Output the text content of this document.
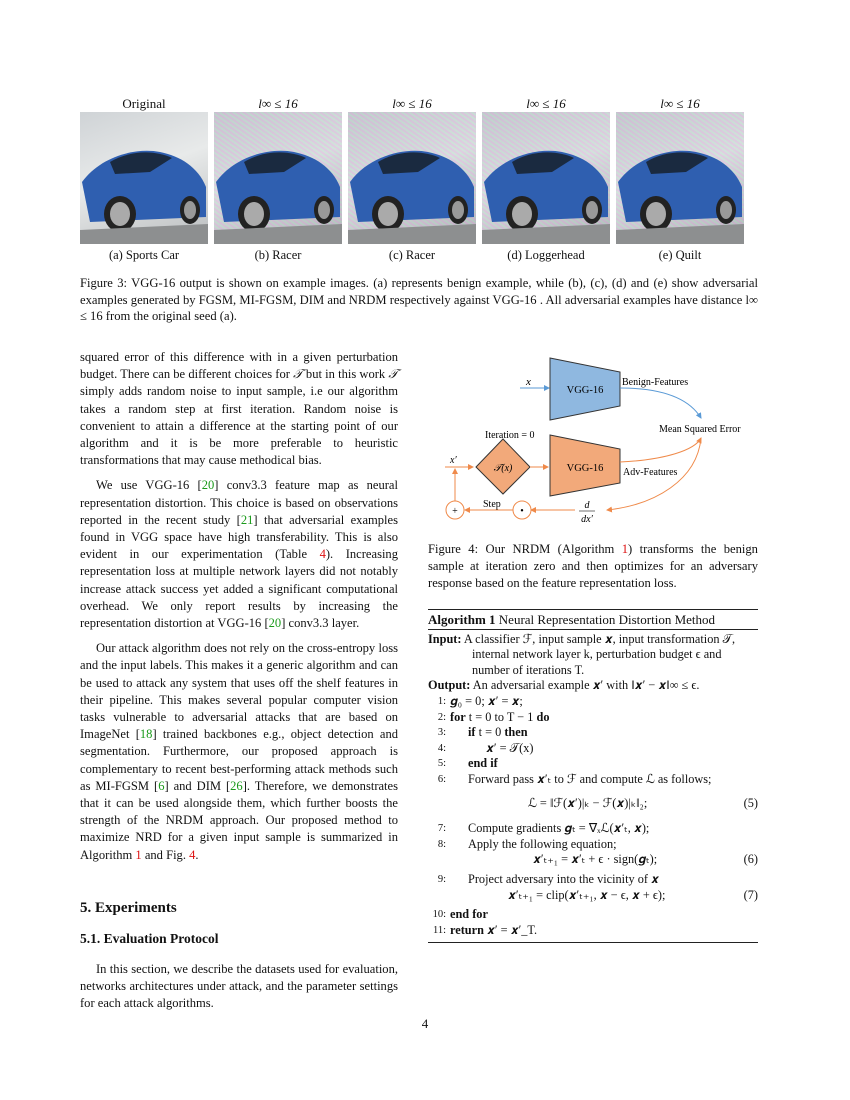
Original	l∞ ≤ 16	l∞ ≤ 16	l∞ ≤ 16	l∞ ≤ 16
(a) Sports Car	(b) Racer	(c) Racer	(d) Loggerhead	(e) Quilt
Figure 3: VGG-16 output is shown on example images. (a) represents benign example, while (b), (c), (d) and (e) show adversarial examples generated by FGSM, MI-FGSM, DIM and NRDM respectively against VGG-16 . All adversarial examples have distance l∞ ≤ 16 from the original seed (a).

squared error of this difference with in a given perturbation budget. There can be different choices for 𝒯 but in this work 𝒯 simply adds random noise to input sample, i.e our algorithm takes a random step at first iteration. Random noise is convenient to attain a difference at the starting point of our algorithm and it is be more preferable to heuristic transformations that may cause methodical bias.

We use VGG-16 [20] conv3.3 feature map as neural representation distortion. This choice is based on observations reported in the recent study [21] that adversarial examples found in VGG space have high transferability. This is also evident in our experimentation (Table 4). Increasing representation loss at multiple network layers did not notably increase attack success yet added a significant computational overhead. We only report results by increasing the representation distortion at VGG-16 [20] conv3.3 layer.

Our attack algorithm does not rely on the cross-entropy loss and the input labels. This makes it a generic algorithm and can be used to attack any system that uses off the shelf features in their pipeline. This makes several popular computer vision tasks vulnerable to adversarial attacks that are based on ImageNet [18] trained backbones e.g., object detection and segmentation. Furthermore, our proposed approach is complementary to recent best-performing attack methods such as MI-FGSM [6] and DIM [26]. Therefore, we demonstrates that it can be used alongside them, which further boosts the strength of the NRDM approach. Our proposed method to maximize NRD for a given input sample is summarized in Algorithm 1 and Fig. 4.

5. Experiments
5.1. Evaluation Protocol

In this section, we describe the datasets used for evaluation, networks architectures under attack, and the parameter settings for each attack algorithms.

x
VGG-16
Benign-Features
Mean Squared Error
Iteration = 0
𝒯(x)	VGG-16 Adv-Features
x′
d
dx′
•
Step
+
Figure 4: Our NRDM (Algorithm 1) transforms the benign sample at iteration zero and then optimizes for an adversary response based on the feature representation loss.
Algorithm 1 Neural Representation Distortion Method
Input: A classifier ℱ, input sample 𝒙, input transformation 𝒯, internal network layer k, perturbation budget ϵ and number of iterations T.
Output: An adversarial example 𝒙′ with ‖𝒙′ − 𝒙‖∞ ≤ ϵ.
1: 𝒈₀ = 0; 𝒙′ = 𝒙;
2: for t = 0 to T − 1 do
3:	if t = 0 then
4:	𝒙′ = 𝒯(x)
5:	end if
6:	Forward pass 𝒙′ₜ to ℱ and compute ℒ as follows;
ℒ = ‖ℱ(𝒙′)|ₖ − ℱ(𝒙)|ₖ‖₂;	(5)
7:	Compute gradients 𝒈ₜ = ∇ₓℒ(𝒙′ₜ, 𝒙);
8:	Apply the following equation;
𝒙′ₜ₊₁ = 𝒙′ₜ + ϵ · sign(𝒈ₜ);	(6)
9:	Project adversary into the vicinity of 𝒙
𝒙′ₜ₊₁ = clip(𝒙′ₜ₊₁, 𝒙 − ϵ, 𝒙 + ϵ);	(7)
10: end for
11: return 𝒙′ = 𝒙′_T.
4
